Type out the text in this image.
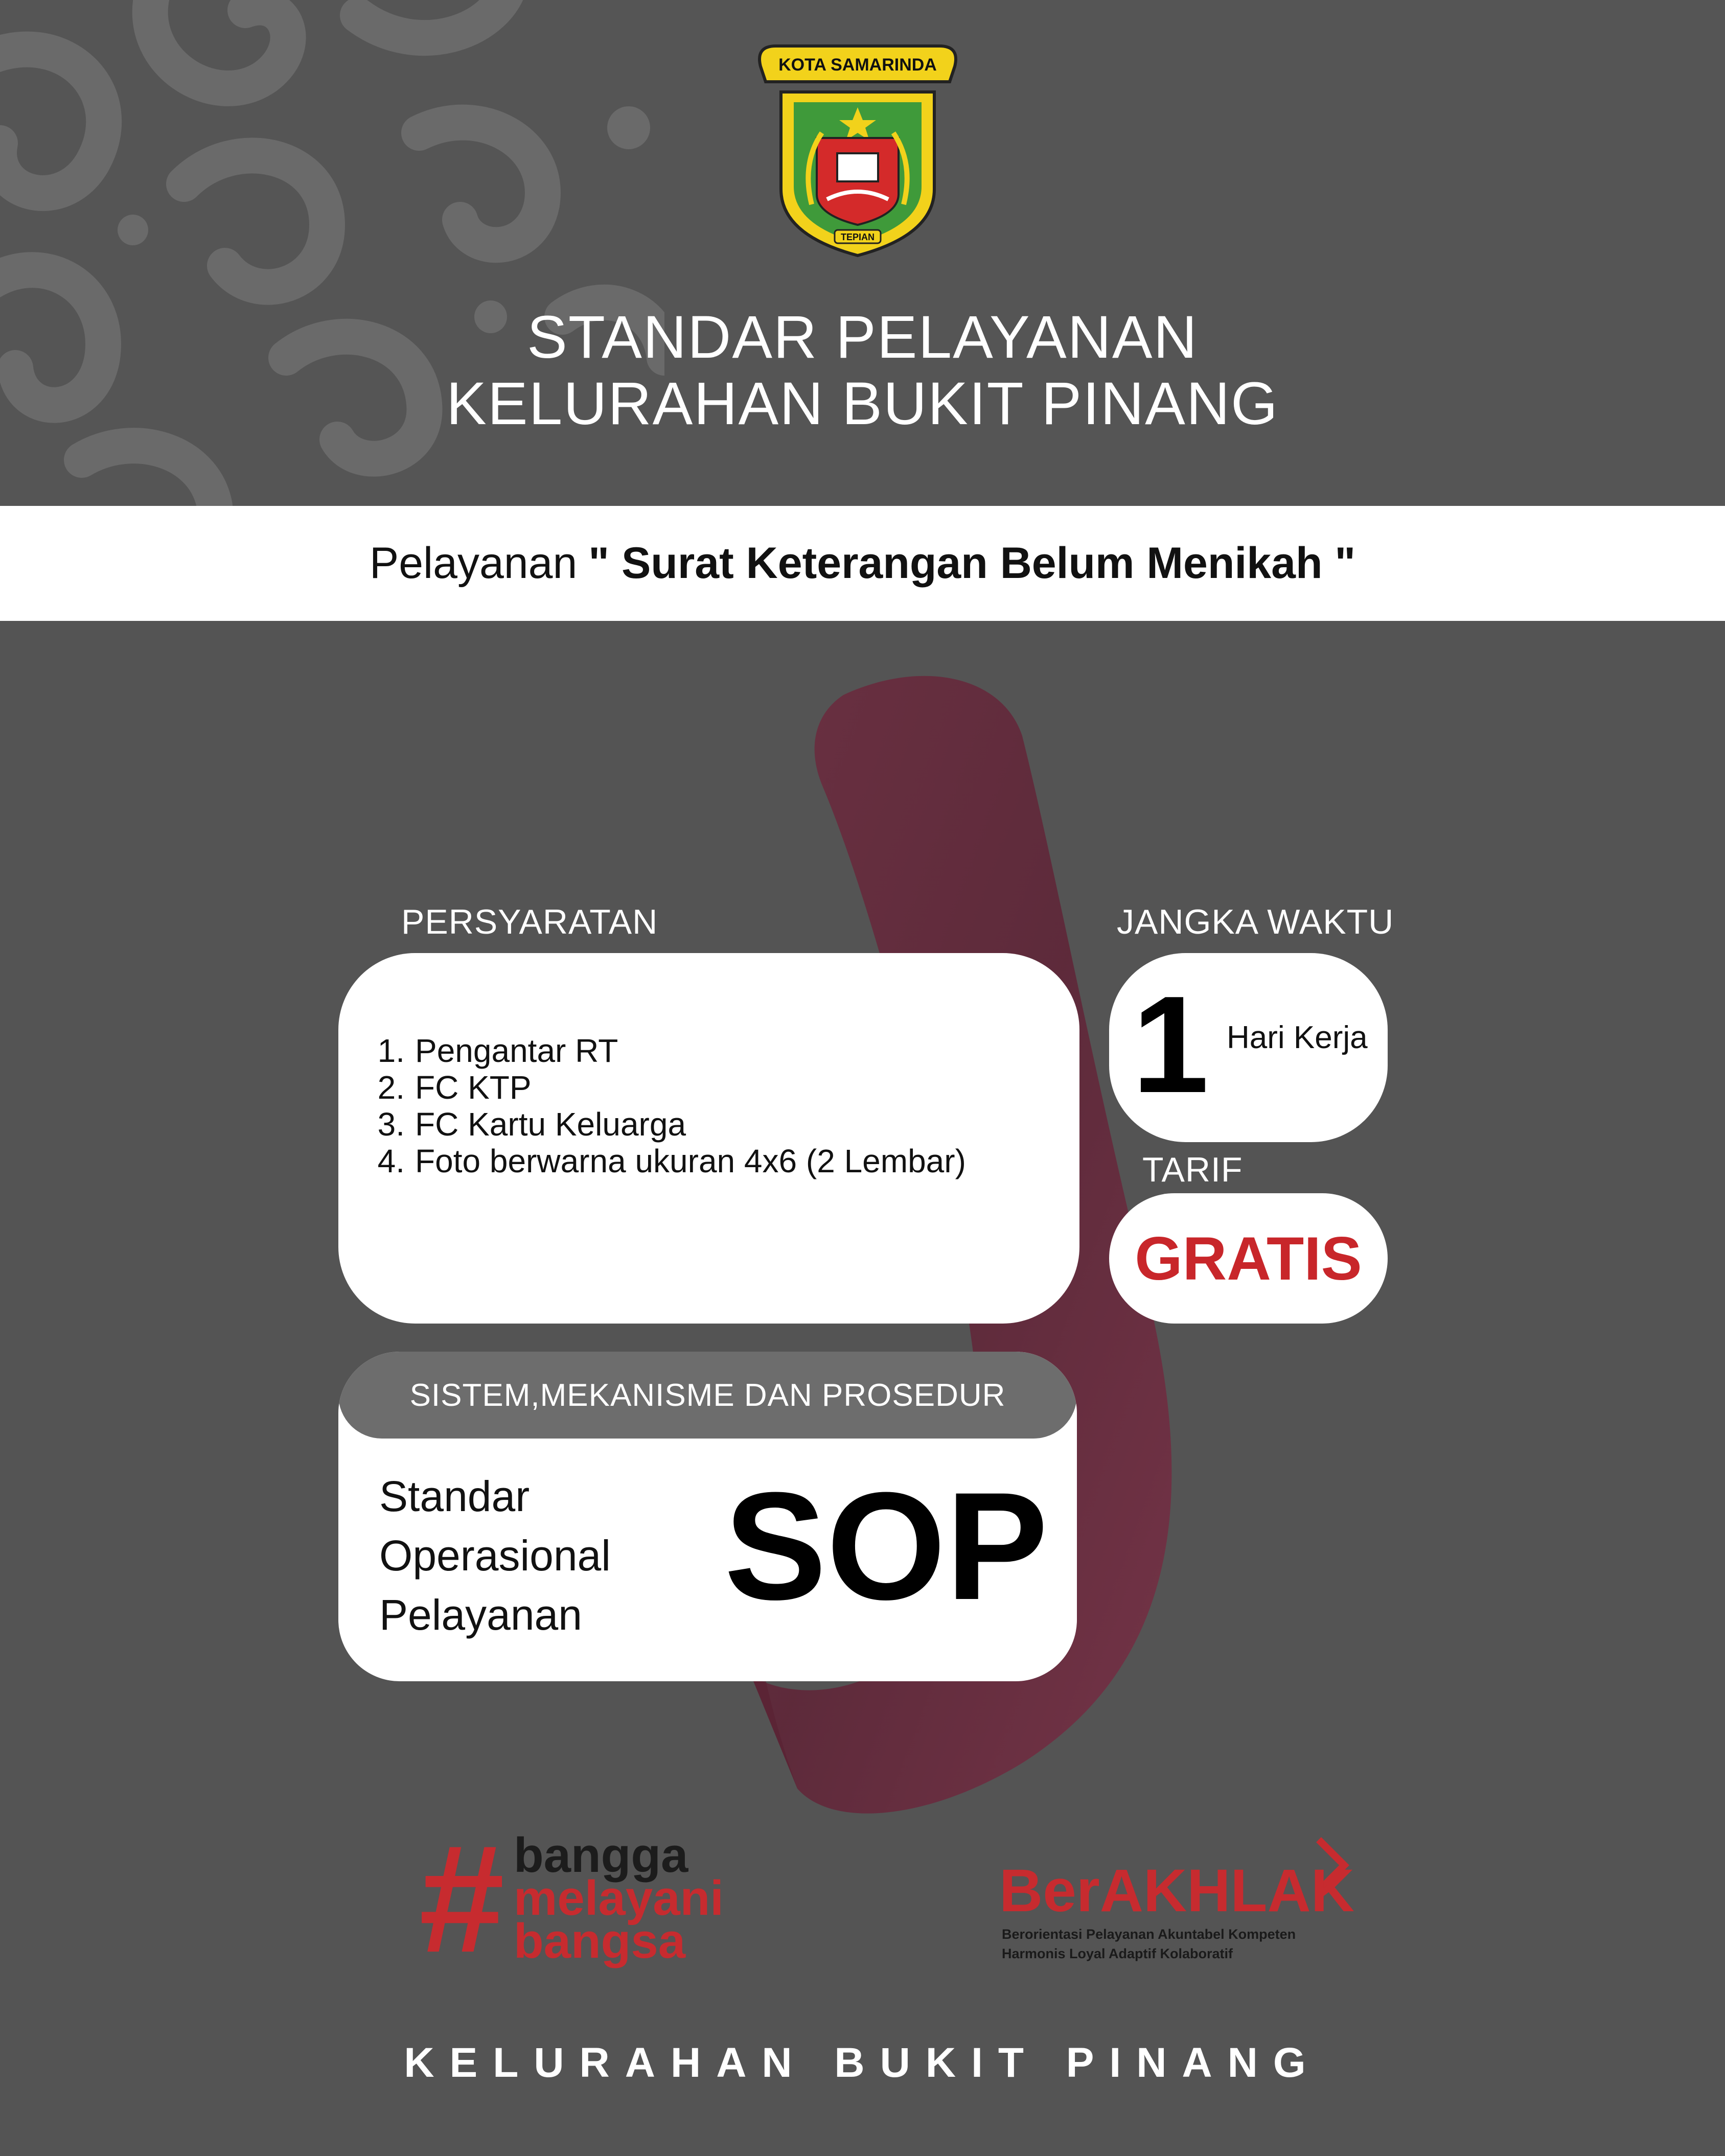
KOTA SAMARINDA
TEPIAN
STANDAR PELAYANAN
KELURAHAN BUKIT PINANG
Pelayanan " Surat Keterangan Belum Menikah "
PERSYARATAN	JANGKA WAKTU
1. Pengantar RT
2. FC KTP
3. FC Kartu Keluarga
4. Foto berwarna ukuran 4x6 (2 Lembar)
1 Hari Kerja
TARIF
GRATIS
SISTEM,MEKANISME DAN PROSEDUR
Standar
Operasional
Pelayanan SOP
# bangga
melayani
bangsa
BerAKHLAK
Berorientasi Pelayanan Akuntabel Kompeten
Harmonis Loyal Adaptif Kolaboratif
KELURAHAN BUKIT PINANG
